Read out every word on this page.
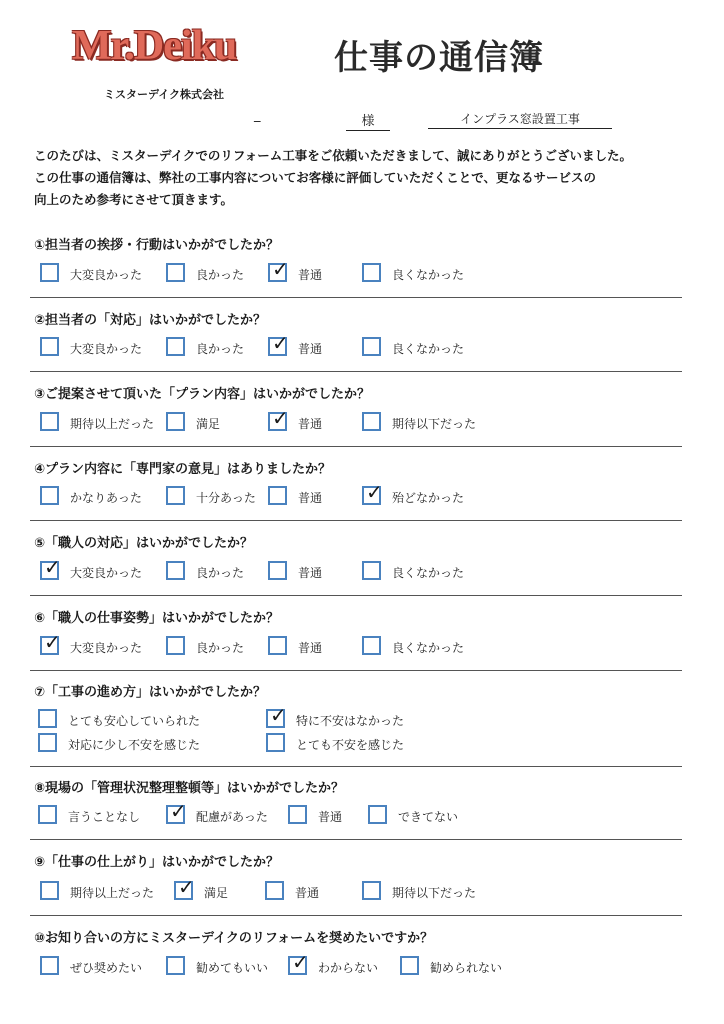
Mr.Deiku	仕事の通信簿
ミスターデイク株式会社
_	様	インプラス窓設置工事
このたびは、ミスターデイクでのリフォーム工事をご依頼いただきまして、誠にありがとうございました。
この仕事の通信簿は、弊社の工事内容についてお客様に評価していただくことで、更なるサービスの
向上のため参考にさせて頂きます。
①担当者の挨拶・行動はいかがでしたか？
大変良かった	良かった ✓ 普通	良くなかった
②担当者の「対応」はいかがでしたか？
大変良かった	良かった ✓ 普通	良くなかった
③ご提案させて頂いた「プラン内容」はいかがでしたか？
期待以上だった	満足	✓ 普通	期待以下だった
④プラン内容に「専門家の意見」はありましたか？
かなりあった	十分あった	普通 ✓ 殆どなかった
⑤「職人の対応」はいかがでしたか？
✓ 大変良かった	良かった	普通	良くなかった
⑥「職人の仕事姿勢」はいかがでしたか？
✓ 大変良かった	良かった	普通	良くなかった
⑦「工事の進め方」はいかがでしたか？
とても安心していられた	✓ 特に不安はなかった
対応に少し不安を感じた	とても不安を感じた
⑧現場の「管理状況整理整頓等」はいかがでしたか？
言うことなし ✓ 配慮があった	普通	できてない
⑨「仕事の仕上がり」はいかがでしたか？
期待以上だった ✓ 満足	普通	期待以下だった
⑩お知り合いの方にミスターデイクのリフォームを奨めたいですか？
ぜひ奨めたい	勧めてもいい ✓ わからない	勧められない
